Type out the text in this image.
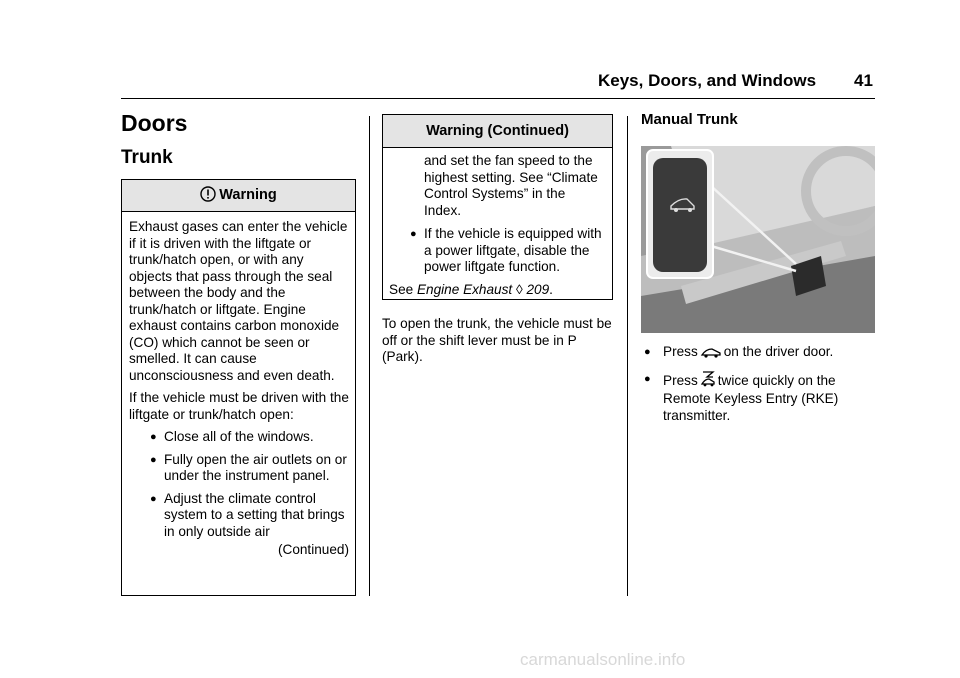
Keys, Doors, and Windows 41
Doors
Trunk
Warning

Exhaust gases can enter the vehicle if it is driven with the liftgate or trunk/hatch open, or with any objects that pass through the seal between the body and the trunk/hatch or liftgate. Engine exhaust contains carbon monoxide (CO) which cannot be seen or smelled. It can cause unconsciousness and even death.

If the vehicle must be driven with the liftgate or trunk/hatch open:

● Close all of the windows.
● Fully open the air outlets on or under the instrument panel.
● Adjust the climate control system to a setting that brings in only outside air
(Continued)
Warning (Continued)
and set the fan speed to the highest setting. See “Climate Control Systems” in the Index.
● If the vehicle is equipped with a power liftgate, disable the power liftgate function.
See Engine Exhaust ◊ 209.
To open the trunk, the vehicle must be off or the shift lever must be in P (Park).
Manual Trunk
● Press on the driver door.
● Press twice quickly on the Remote Keyless Entry (RKE) transmitter.
carmanualsonline.info
